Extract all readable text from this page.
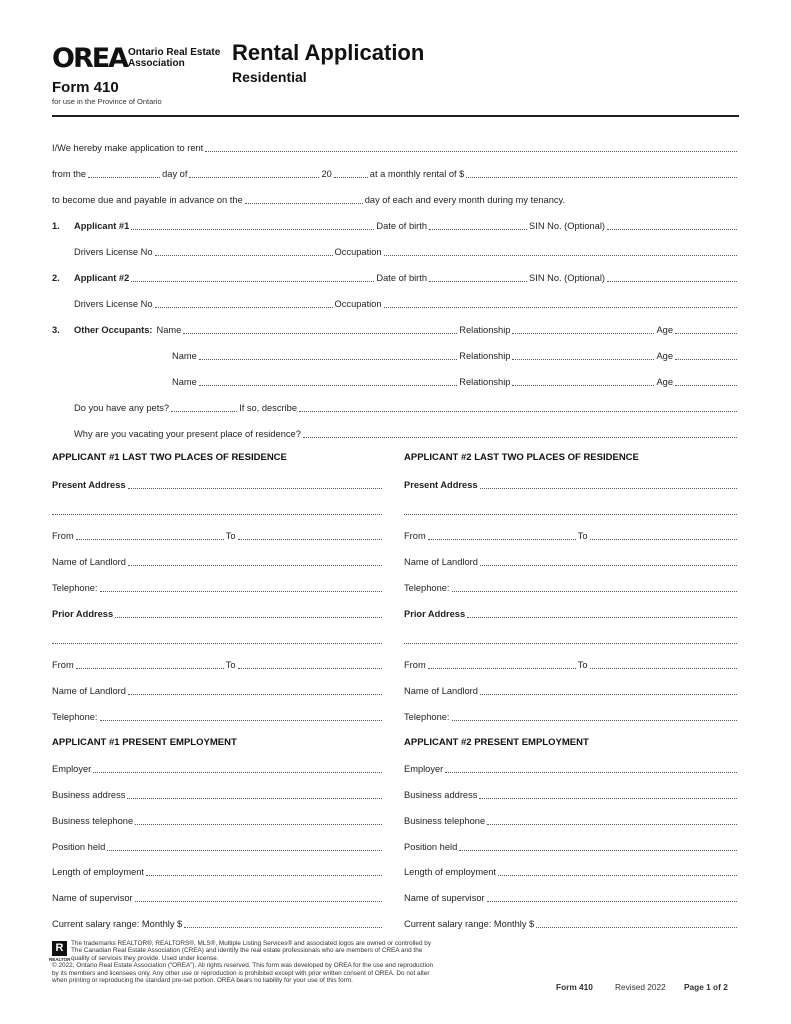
OREA Ontario Real Estate
Association	Rental Application
Residential
Form 410
for use in the Province of Ontario
I/We hereby make application to rent
from the	day of	20	at a monthly rental of $
to become due and payable in advance on the	day of each and every month during my tenancy.
1.	Applicant #1	Date of birth	SIN No. (Optional)
Drivers License No	Occupation
2.	Applicant #2	Date of birth	SIN No. (Optional)
Drivers License No	Occupation
3.	Other Occupants: Name	Relationship	Age
Name	Relationship	Age
Name	Relationship	Age
Do you have any pets?	If so, describe
Why are you vacating your present place of residence?
APPLICANT #1 LAST TWO PLACES OF RESIDENCE	APPLICANT #2 LAST TWO PLACES OF RESIDENCE
Present Address	Present Address
From	To	From	To
Name of Landlord	Name of Landlord
Telephone:	Telephone:
Prior Address	Prior Address
From	To	From	To
Name of Landlord	Name of Landlord
Telephone:	Telephone:
APPLICANT #1 PRESENT EMPLOYMENT	APPLICANT #2 PRESENT EMPLOYMENT
Employer	Employer
Business address	Business address
Business telephone	Business telephone
Position held	Position held
Length of employment	Length of employment
Name of supervisor	Name of supervisor
Current salary range: Monthly $	Current salary range: Monthly $
R
REALTOR
The trademarks REALTOR®, REALTORS®, MLS®, Multiple Listing Services® and associated logos are owned or controlled by
The Canadian Real Estate Association (CREA) and identify the real estate professionals who are members of CREA and the
quality of services they provide. Used under license.
© 2022, Ontario Real Estate Association (“OREA”). All rights reserved. This form was developed by OREA for the use and reproduction
by its members and licensees only. Any other use or reproduction is prohibited except with prior written consent of OREA. Do not alter
when printing or reproducing the standard pre-set portion. OREA bears no liability for your use of this form.
Form 410	Revised 2022 Page 1 of 2
